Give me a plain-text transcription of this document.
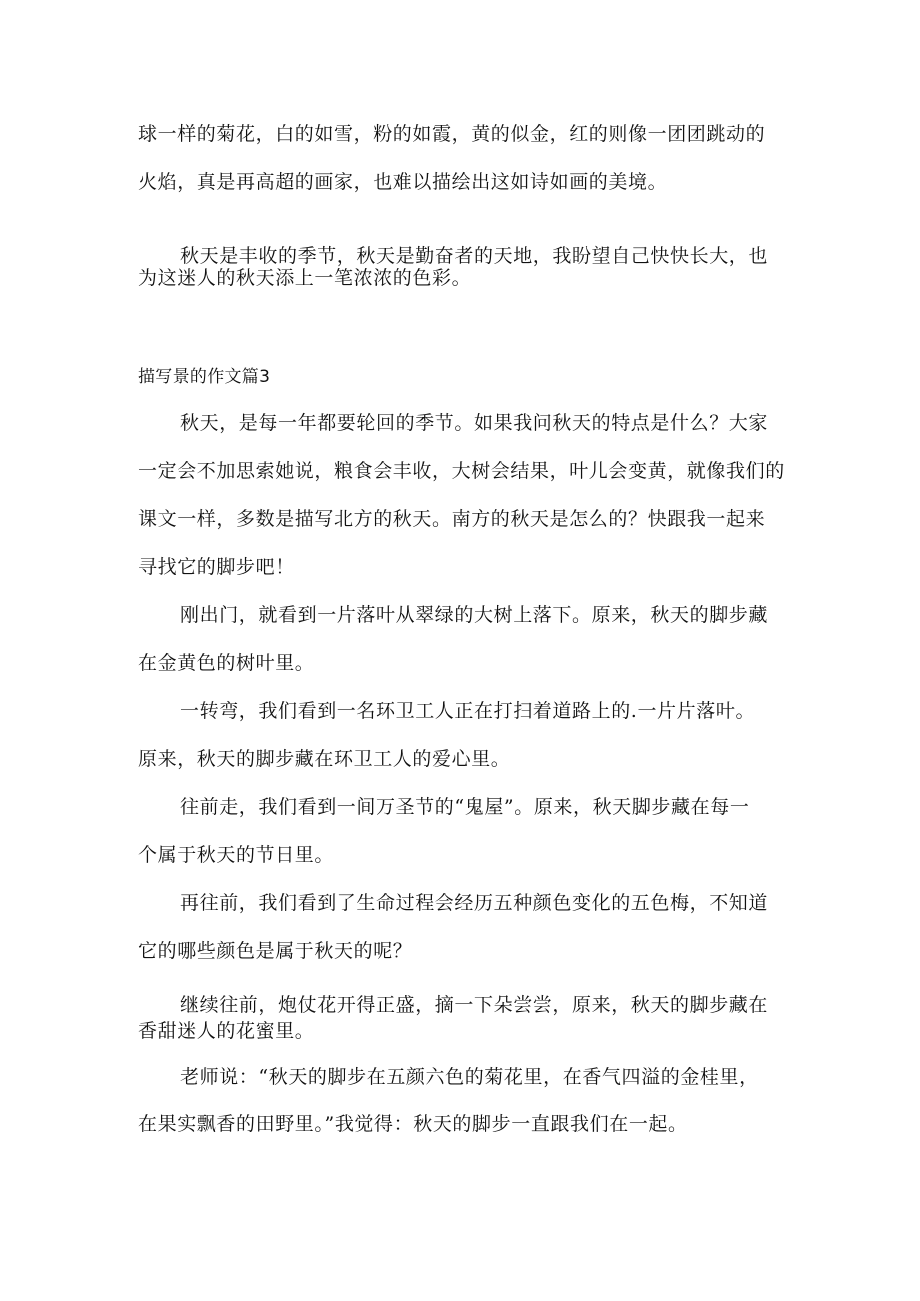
球一样的菊花，白的如雪，粉的如霞，黄的似金，红的则像一团团跳动的
火焰，真是再高超的画家，也难以描绘出这如诗如画的美境。
秋天是丰收的季节，秋天是勤奋者的天地，我盼望自己快快长大，也
为这迷人的秋天添上一笔浓浓的色彩。
描写景的作文篇3
秋天，是每一年都要轮回的季节。如果我问秋天的特点是什么？大家
一定会不加思索她说，粮食会丰收，大树会结果，叶儿会变黄，就像我们的
课文一样，多数是描写北方的秋天。南方的秋天是怎么的？快跟我一起来
寻找它的脚步吧！
刚出门，就看到一片落叶从翠绿的大树上落下。原来，秋天的脚步藏
在金黄色的树叶里。
一转弯，我们看到一名环卫工人正在打扫着道路上的.一片片落叶。
原来，秋天的脚步藏在环卫工人的爱心里。
往前走，我们看到一间万圣节的“鬼屋”。原来，秋天脚步藏在每一
个属于秋天的节日里。
再往前，我们看到了生命过程会经历五种颜色变化的五色梅，不知道
它的哪些颜色是属于秋天的呢？
继续往前，炮仗花开得正盛，摘一下朵尝尝，原来，秋天的脚步藏在
香甜迷人的花蜜里。
老师说：“秋天的脚步在五颜六色的菊花里，在香气四溢的金桂里，
在果实飘香的田野里。”我觉得：秋天的脚步一直跟我们在一起。
